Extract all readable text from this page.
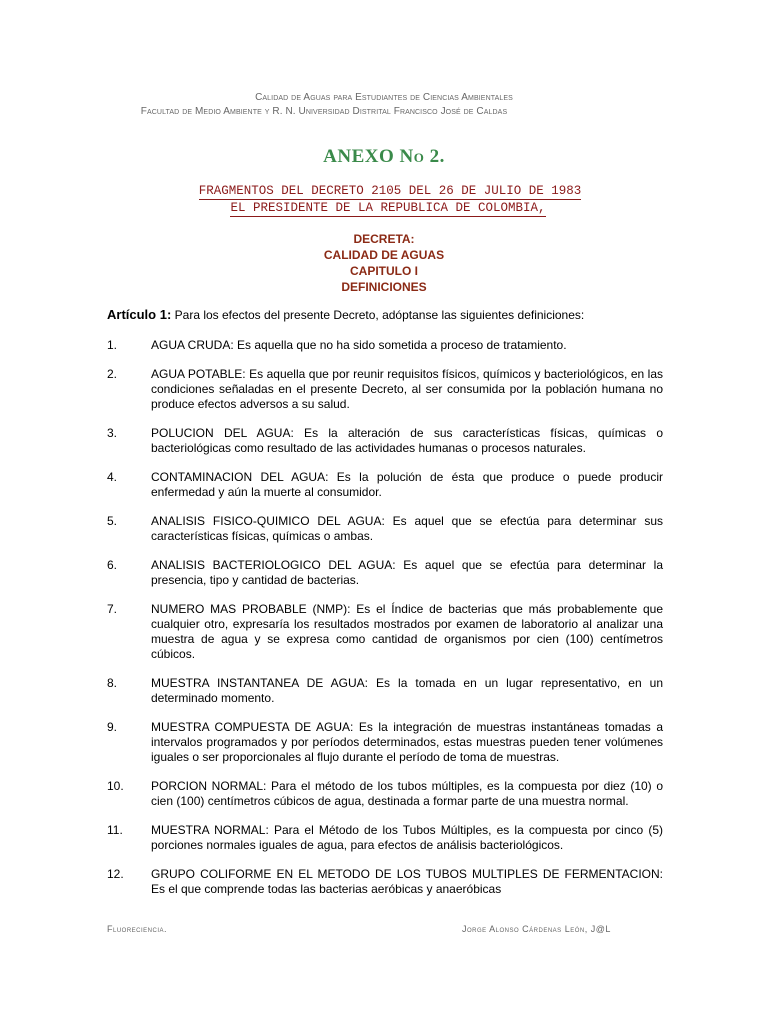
Calidad de Aguas para Estudiantes de Ciencias Ambientales
Facultad de Medio Ambiente y R. N. Universidad Distrital Francisco José de Caldas
ANEXO No 2.
FRAGMENTOS DEL DECRETO 2105 DEL 26 DE JULIO DE 1983
EL PRESIDENTE DE LA REPUBLICA DE COLOMBIA,
DECRETA:
CALIDAD DE AGUAS
CAPITULO I
DEFINICIONES
Artículo 1: Para los efectos del presente Decreto, adóptanse las siguientes definiciones:
1.	AGUA CRUDA: Es aquella que no ha sido sometida a proceso de tratamiento.
2.	AGUA POTABLE: Es aquella que por reunir requisitos físicos, químicos y bacteriológicos, en las condiciones señaladas en el presente Decreto, al ser consumida por la población humana no produce efectos adversos a su salud.
3.	POLUCION DEL AGUA: Es la alteración de sus características físicas, químicas o bacteriológicas como resultado de las actividades humanas o procesos naturales.
4.	CONTAMINACION DEL AGUA: Es la polución de ésta que produce o puede producir enfermedad y aún la muerte al consumidor.
5.	ANALISIS FISICO-QUIMICO DEL AGUA: Es aquel que se efectúa para determinar sus características físicas, químicas o ambas.
6.	ANALISIS BACTERIOLOGICO DEL AGUA: Es aquel que se efectúa para determinar la presencia, tipo y cantidad de bacterias.
7.	NUMERO MAS PROBABLE (NMP): Es el Índice de bacterias que más probablemente que cualquier otro, expresaría los resultados mostrados por examen de laboratorio al analizar una muestra de agua y se expresa como cantidad de organismos por cien (100) centímetros cúbicos.
8.	MUESTRA INSTANTANEA DE AGUA: Es la tomada en un lugar representativo, en un determinado momento.
9.	MUESTRA COMPUESTA DE AGUA: Es la integración de muestras instantáneas tomadas a intervalos programados y por períodos determinados, estas muestras pueden tener volúmenes iguales o ser proporcionales al flujo durante el período de toma de muestras.
10.	PORCION NORMAL: Para el método de los tubos múltiples, es la compuesta por diez (10) o cien (100) centímetros cúbicos de agua, destinada a formar parte de una muestra normal.
11.	MUESTRA NORMAL: Para el Método de los Tubos Múltiples, es la compuesta por cinco (5) porciones normales iguales de agua, para efectos de análisis bacteriológicos.
12.	GRUPO COLIFORME EN EL METODO DE LOS TUBOS MULTIPLES DE FERMENTACION: Es el que comprende todas las bacterias aeróbicas y anaeróbicas
Fluoreciencia.	Jorge Alonso Cárdenas León, J@L
